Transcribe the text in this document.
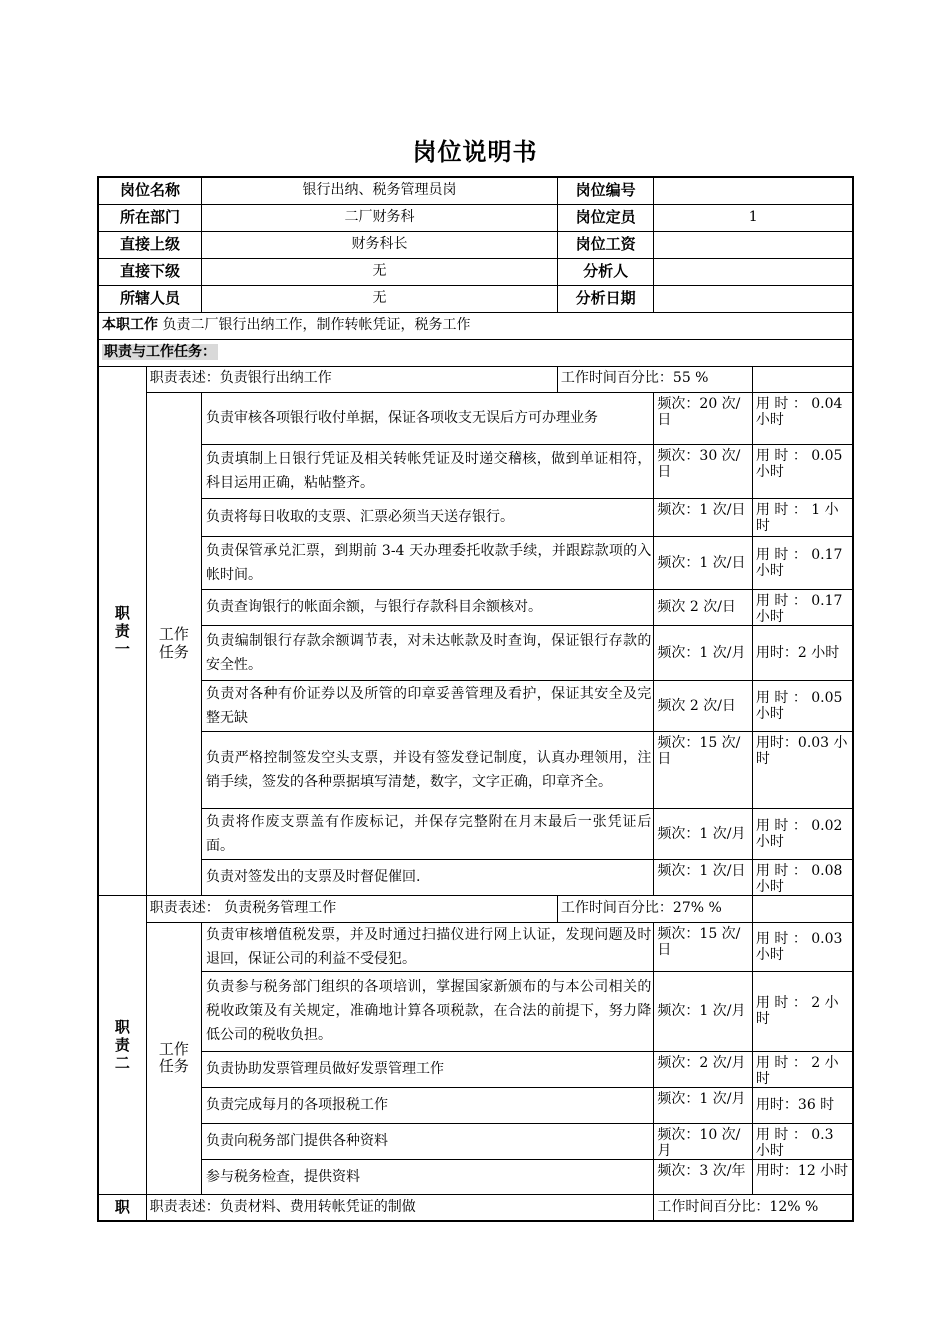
岗位说明书
岗位名称		银行出纳、税务管理员岗	岗位编号		
所在部门		二厂财务科	岗位定员	1	
直接上级		财务科长	岗位工资		
直接下级		无	分析人		
所辖人员		无	分析日期		
本职工作 负责二厂银行出纳工作，制作转帐凭证，税务工作					
职责与工作任务：					

职责一	职责表述：负责银行出纳工作		工作时间百分比：55 %		

	工作任务	负责审核各项银行收付单据，保证各项收支无误后方可办理业务		频次：20 次/日	用 时 ： 0.04 小时
		负责填制上日银行凭证及相关转帐凭证及时递交稽核，做到单证相符，科目运用正确，粘帖整齐。		频次：30 次/日	用 时 ： 0.05 小时
		负责将每日收取的支票、汇票必须当天送存银行。		频次：1 次/日	用 时 ： 1 小时
		负责保管承兑汇票，到期前 3-4 天办理委托收款手续，并跟踪款项的入帐时间。		频次：1 次/日	用 时 ： 0.17 小时
		负责查询银行的帐面余额，与银行存款科目余额核对。		频次 2 次/日	用 时 ： 0.17 小时
		负责编制银行存款余额调节表，对未达帐款及时查询，保证银行存款的安全性。		频次：1 次/月	用时：2 小时
		负责对各种有价证券以及所管的印章妥善管理及看护，保证其安全及完整无缺		频次 2 次/日	用 时 ： 0.05 小时
		负责严格控制签发空头支票，并设有签发登记制度，认真办理领用，注销手续，签发的各种票据填写清楚，数字，文字正确，印章齐全。		频次：15 次/日	用时：0.03 小时
		负责将作废支票盖有作废标记，并保存完整附在月末最后一张凭证后面。		频次：1 次/月	用 时 ： 0.02 小时
		负责对签发出的支票及时督促催回.		频次：1 次/日	用 时 ： 0.08 小时

职责二	职责表述： 负责税务管理工作		工作时间百分比：27% %		

	工作任务	负责审核增值税发票，并及时通过扫描仪进行网上认证，发现问题及时退回，保证公司的利益不受侵犯。		频次：15 次/日	用 时 ： 0.03 小时
		负责参与税务部门组织的各项培训，掌握国家新颁布的与本公司相关的税收政策及有关规定，准确地计算各项税款，在合法的前提下，努力降低公司的税收负担。		频次：1 次/月	用 时 ： 2 小时
		负责协助发票管理员做好发票管理工作		频次：2 次/月	用 时 ： 2 小时
		负责完成每月的各项报税工作		频次：1 次/月	用时：36 时
		负责向税务部门提供各种资料		频次：10 次/月	用 时 ： 0.3 小时
		参与税务检查，提供资料		频次：3 次/年	用时：12 小时

职	职责表述：负责材料、费用转帐凭证的制做			工作时间百分比：12% %	
